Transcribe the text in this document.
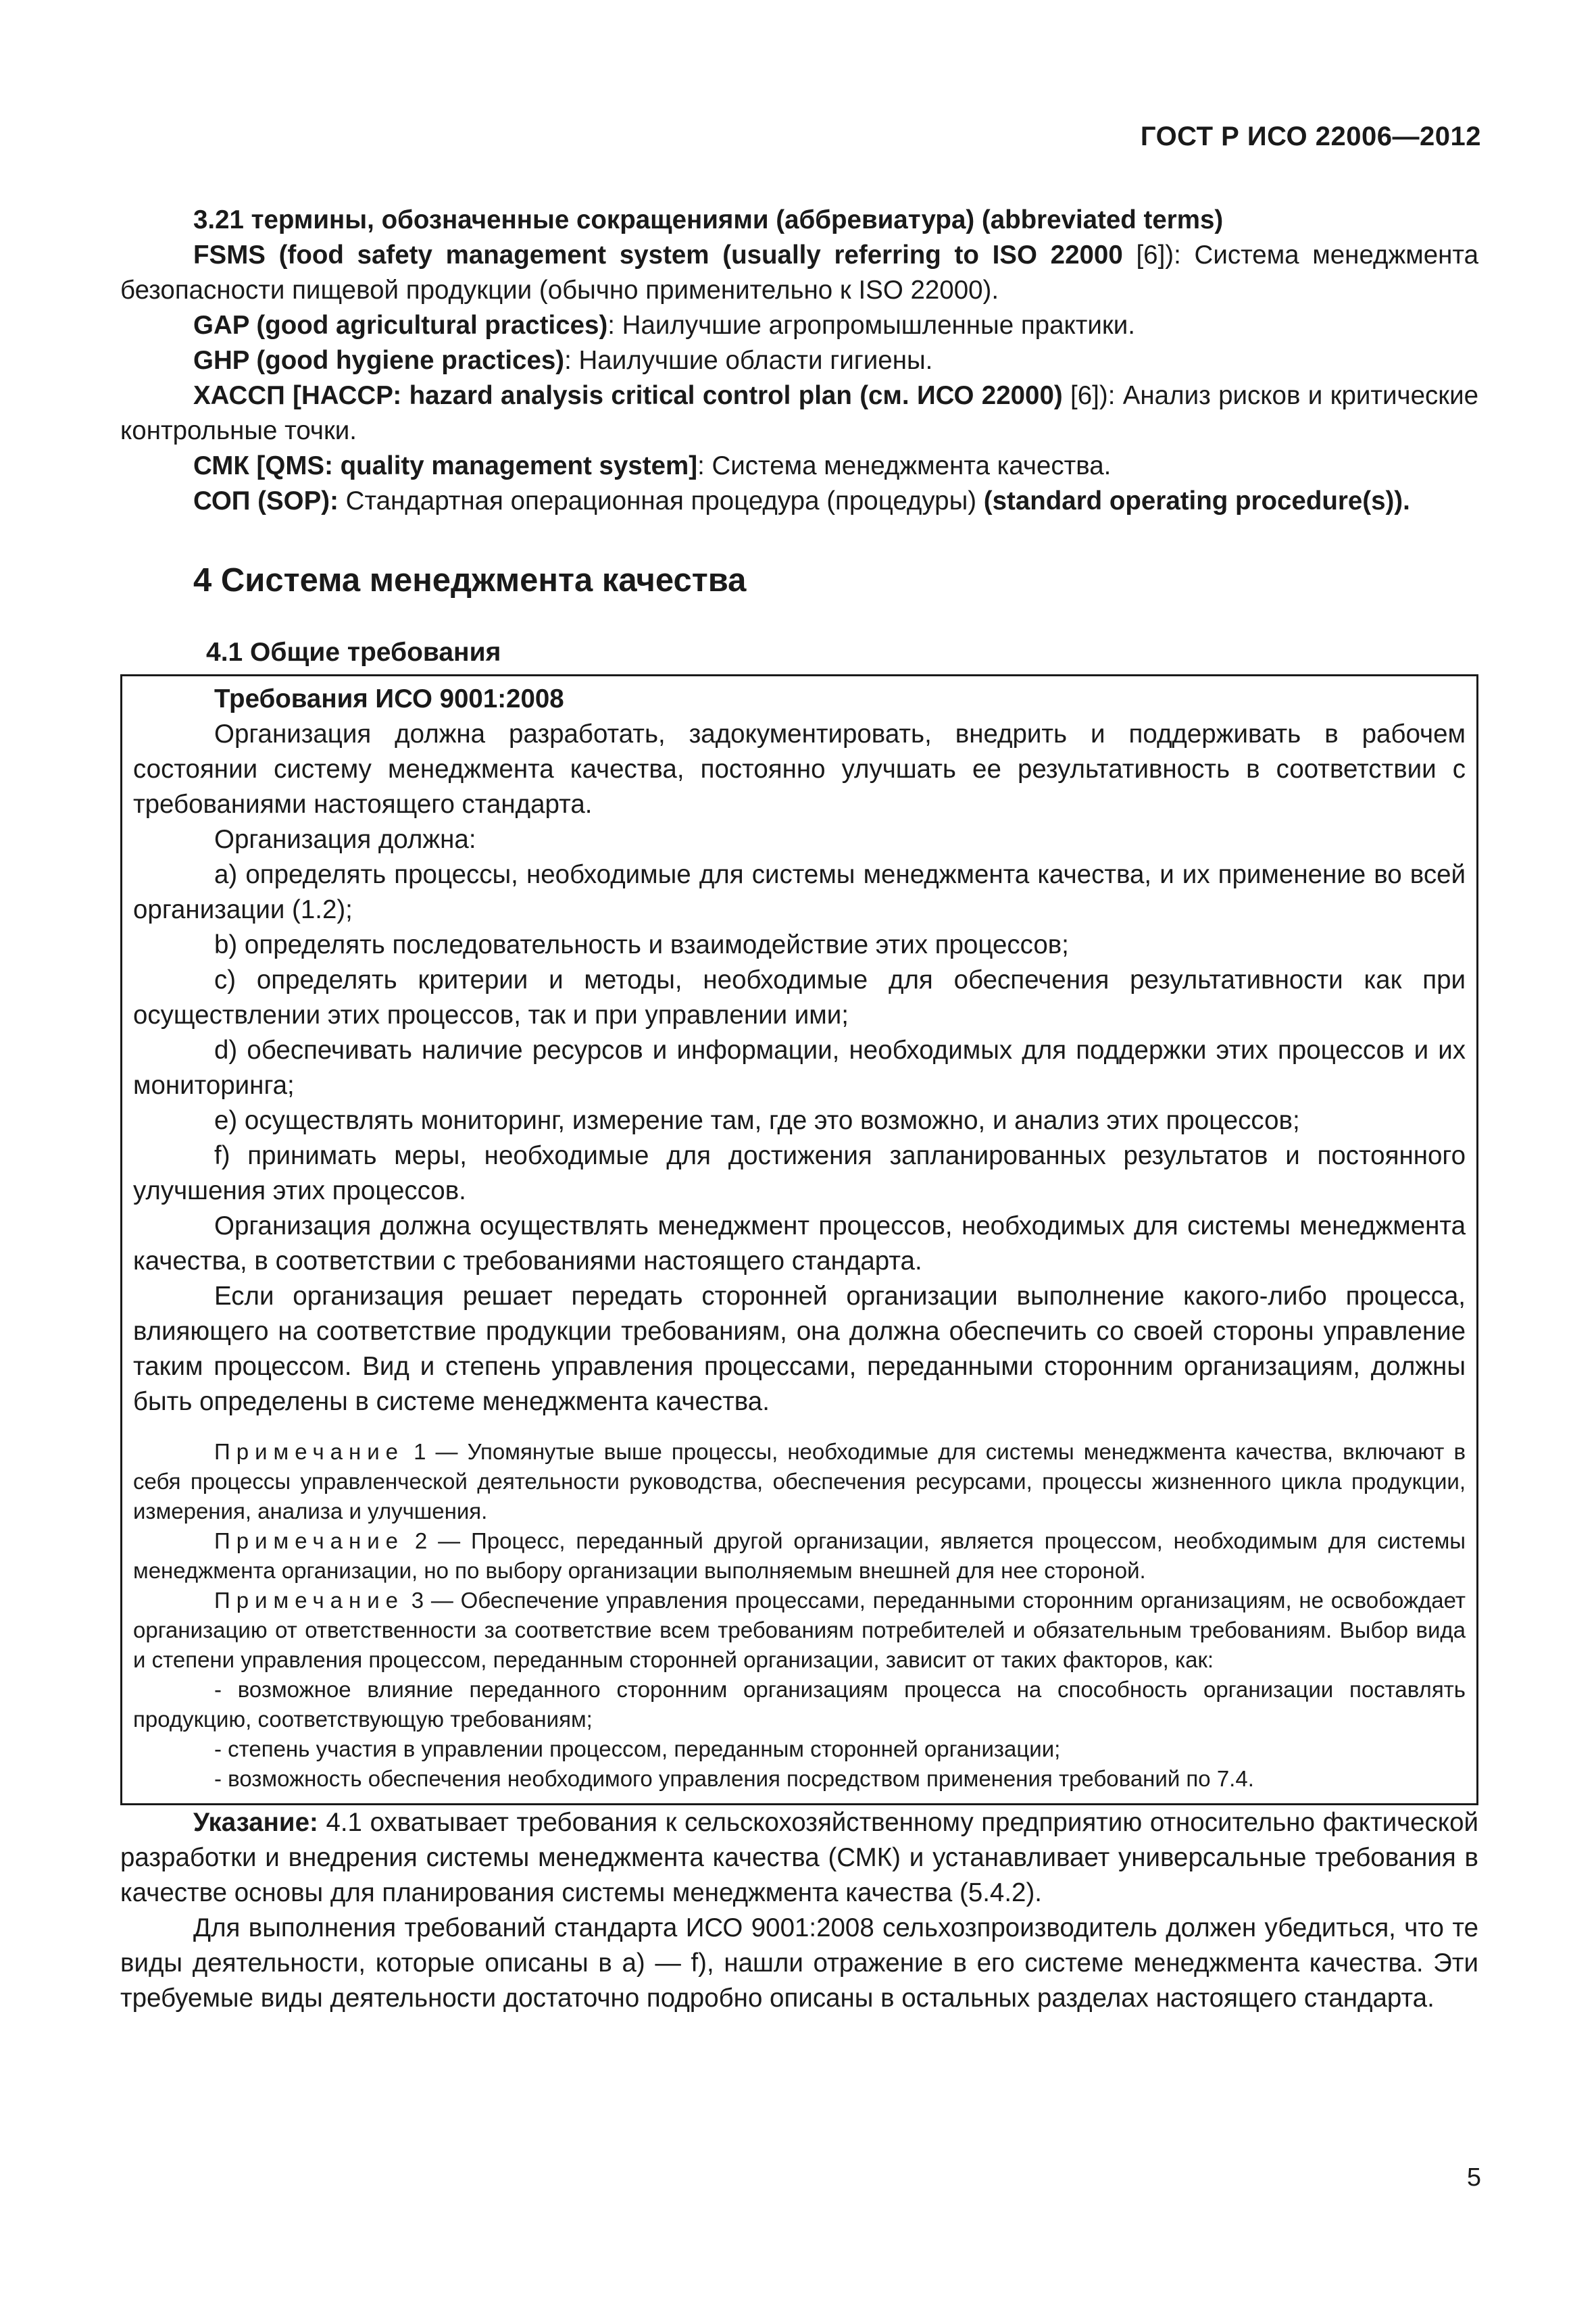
ГОСТ Р ИСО 22006—2012

3.21 термины, обозначенные сокращениями (аббревиатура) (abbreviated terms)

FSMS (food safety management system (usually referring to ISO 22000 [6]): Система менеджмента безопасности пищевой продукции (обычно применительно к ISO 22000).

GAP (good agricultural practices): Наилучшие агропромышленные практики.

GHP (good hygiene practices): Наилучшие области гигиены.

ХАССП [НАССР: hazard analysis critical control plan (см. ИСО 22000) [6]): Анализ рисков и критические контрольные точки.

СМК [QMS: quality management system]: Система менеджмента качества.

СОП (SOP): Стандартная операционная процедура (процедуры) (standard operating procedure(s)).

4 Система менеджмента качества

4.1 Общие требования

Требования ИСО 9001:2008

Организация должна разработать, задокументировать, внедрить и поддерживать в рабочем состоянии систему менеджмента качества, постоянно улучшать ее результативность в соответствии с требованиями настоящего стандарта.

Организация должна:

a) определять процессы, необходимые для системы менеджмента качества, и их применение во всей организации (1.2);

b) определять последовательность и взаимодействие этих процессов;

c) определять критерии и методы, необходимые для обеспечения результативности как при осуществлении этих процессов, так и при управлении ими;

d) обеспечивать наличие ресурсов и информации, необходимых для поддержки этих процессов и их мониторинга;

e) осуществлять мониторинг, измерение там, где это возможно, и анализ этих процессов;

f) принимать меры, необходимые для достижения запланированных результатов и постоянного улучшения этих процессов.

Организация должна осуществлять менеджмент процессов, необходимых для системы менеджмента качества, в соответствии с требованиями настоящего стандарта.

Если организация решает передать сторонней организации выполнение какого-либо процесса, влияющего на соответствие продукции требованиям, она должна обеспечить со своей стороны управление таким процессом. Вид и степень управления процессами, переданными сторонним организациям, должны быть определены в системе менеджмента качества.

Примечание 1 — Упомянутые выше процессы, необходимые для системы менеджмента качества, включают в себя процессы управленческой деятельности руководства, обеспечения ресурсами, процессы жизненного цикла продукции, измерения, анализа и улучшения.

Примечание 2 — Процесс, переданный другой организации, является процессом, необходимым для системы менеджмента организации, но по выбору организации выполняемым внешней для нее стороной.

Примечание 3 — Обеспечение управления процессами, переданными сторонним организациям, не освобождает организацию от ответственности за соответствие всем требованиям потребителей и обязательным требованиям. Выбор вида и степени управления процессом, переданным сторонней организации, зависит от таких факторов, как:

- возможное влияние переданного сторонним организациям процесса на способность организации поставлять продукцию, соответствующую требованиям;

- степень участия в управлении процессом, переданным сторонней организации;

- возможность обеспечения необходимого управления посредством применения требований по 7.4.

Указание: 4.1 охватывает требования к сельскохозяйственному предприятию относительно фактической разработки и внедрения системы менеджмента качества (СМК) и устанавливает универсальные требования в качестве основы для планирования системы менеджмента качества (5.4.2).

Для выполнения требований стандарта ИСО 9001:2008 сельхозпроизводитель должен убедиться, что те виды деятельности, которые описаны в а) — f), нашли отражение в его системе менеджмента качества. Эти требуемые виды деятельности достаточно подробно описаны в остальных разделах настоящего стандарта.

5
